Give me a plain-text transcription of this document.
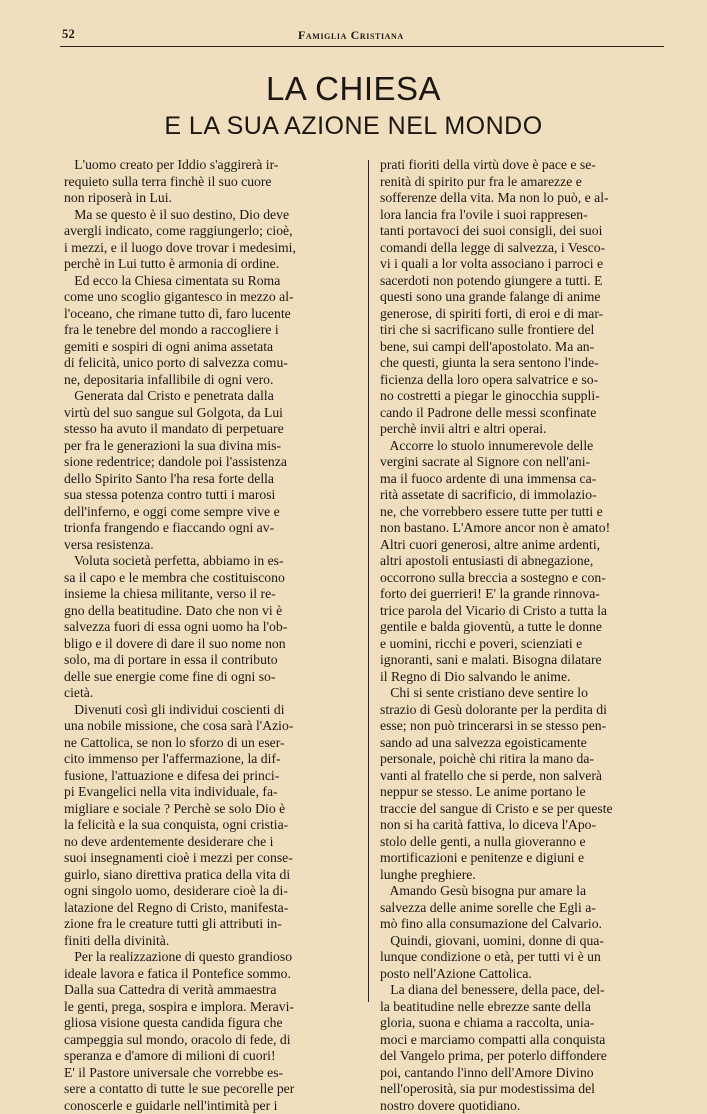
52	Famiglia Cristiana
LA CHIESA
E LA SUA AZIONE NEL MONDO
L'uomo creato per Iddio s'aggirerà ir-
requieto sulla terra finchè il suo cuore
non riposerà in Lui.
Ma se questo è il suo destino, Dio deve
avergli indicato, come raggiungerlo; cioè,
i mezzi, e il luogo dove trovar i medesimi,
perchè in Lui tutto è armonia di ordine.
Ed ecco la Chiesa cimentata su Roma
come uno scoglio gigantesco in mezzo al-
l'oceano, che rimane tutto dì, faro lucente
fra le tenebre del mondo a raccogliere i
gemiti e sospiri di ogni anima assetata
di felicità, unico porto di salvezza comu-
ne, depositaria infallibile di ogni vero.
Generata dal Cristo e penetrata dalla
virtù del suo sangue sul Golgota, da Lui
stesso ha avuto il mandato di perpetuare
per fra le generazioni la sua divina mis-
sione redentrice; dandole poi l'assistenza
dello Spirito Santo l'ha resa forte della
sua stessa potenza contro tutti i marosi
dell'inferno, e oggi come sempre vive e
trionfa frangendo e fiaccando ogni av-
versa resistenza.
Voluta società perfetta, abbiamo in es-
sa il capo e le membra che costituiscono
insieme la chiesa militante, verso il re-
gno della beatitudine. Dato che non vi è
salvezza fuori di essa ogni uomo ha l'ob-
bligo e il dovere di dare il suo nome non
solo, ma di portare in essa il contributo
delle sue energie come fine di ogni so-
cietà.
Divenuti così gli individui coscienti di
una nobile missione, che cosa sarà l'Azio-
ne Cattolica, se non lo sforzo di un eser-
cito immenso per l'affermazione, la dif-
fusione, l'attuazione e difesa dei princi-
pi Evangelici nella vita individuale, fa-
migliare e sociale ? Perchè se solo Dio è
la felicità e la sua conquista, ogni cristia-
no deve ardentemente desiderare che i
suoi insegnamenti cioè i mezzi per conse-
guirlo, siano direttiva pratica della vita di
ogni singolo uomo, desiderare cioè la di-
latazione del Regno di Cristo, manifesta-
zione fra le creature tutti gli attributi in-
finiti della divinità.
Per la realizzazione di questo grandioso
ideale lavora e fatica il Pontefice sommo.
Dalla sua Cattedra di verità ammaestra
le genti, prega, sospira e implora. Meravi-
gliosa visione questa candida figura che
campeggia sul mondo, oracolo di fede, di
speranza e d'amore di milioni di cuori!
E' il Pastore universale che vorrebbe es-
sere a contatto di tutte le sue pecorelle per
conoscerle e guidarle nell'intimità per i
prati fioriti della virtù dove è pace e se-
renità di spirito pur fra le amarezze e
sofferenze della vita. Ma non lo può, e al-
lora lancia fra l'ovile i suoi rappresen-
tanti portavoci dei suoi consigli, dei suoi
comandi della legge di salvezza, i Vesco-
vi i quali a lor volta associano i parroci e
sacerdoti non potendo giungere a tutti. E
questi sono una grande falange di anime
generose, di spiriti forti, di eroi e di mar-
tiri che si sacrificano sulle frontiere del
bene, sui campi dell'apostolato. Ma an-
che questi, giunta la sera sentono l'inde-
ficienza della loro opera salvatrice e so-
no costretti a piegar le ginocchia suppli-
cando il Padrone delle messi sconfinate
perchè invii altri e altri operai.
Accorre lo stuolo innumerevole delle
vergini sacrate al Signore con nell'ani-
ma il fuoco ardente di una immensa ca-
rità assetate di sacrificio, di immolazio-
ne, che vorrebbero essere tutte per tutti e
non bastano. L'Amore ancor non è amato!
Altri cuori generosi, altre anime ardenti,
altri apostoli entusiasti di abnegazione,
occorrono sulla breccia a sostegno e con-
forto dei guerrieri! E' la grande rinnova-
trice parola del Vicario di Cristo a tutta la
gentile e balda gioventù, a tutte le donne
e uomini, ricchi e poveri, scienziati e
ignoranti, sani e malati. Bisogna dilatare
il Regno di Dio salvando le anime.
Chi si sente cristiano deve sentire lo
strazio di Gesù dolorante per la perdita di
esse; non può trincerarsi in se stesso pen-
sando ad una salvezza egoisticamente
personale, poichè chi ritira la mano da-
vanti al fratello che si perde, non salverà
neppur se stesso. Le anime portano le
traccie del sangue di Cristo e se per queste
non si ha carità fattiva, lo diceva l'Apo-
stolo delle genti, a nulla gioveranno e
mortificazioni e penitenze e digiuni e
lunghe preghiere.
Amando Gesù bisogna pur amare la
salvezza delle anime sorelle che Egli a-
mò fino alla consumazione del Calvario.
Quindi, giovani, uomini, donne di qua-
lunque condizione o età, per tutti vi è un
posto nell'Azione Cattolica.
La diana del benessere, della pace, del-
la beatitudine nelle ebrezze sante della
gloria, suona e chiama a raccolta, unia-
moci e marciamo compatti alla conquista
del Vangelo prima, per poterlo diffondere
poi, cantando l'inno dell'Amore Divino
nell'operosità, sia pur modestissima del
nostro dovere quotidiano.
